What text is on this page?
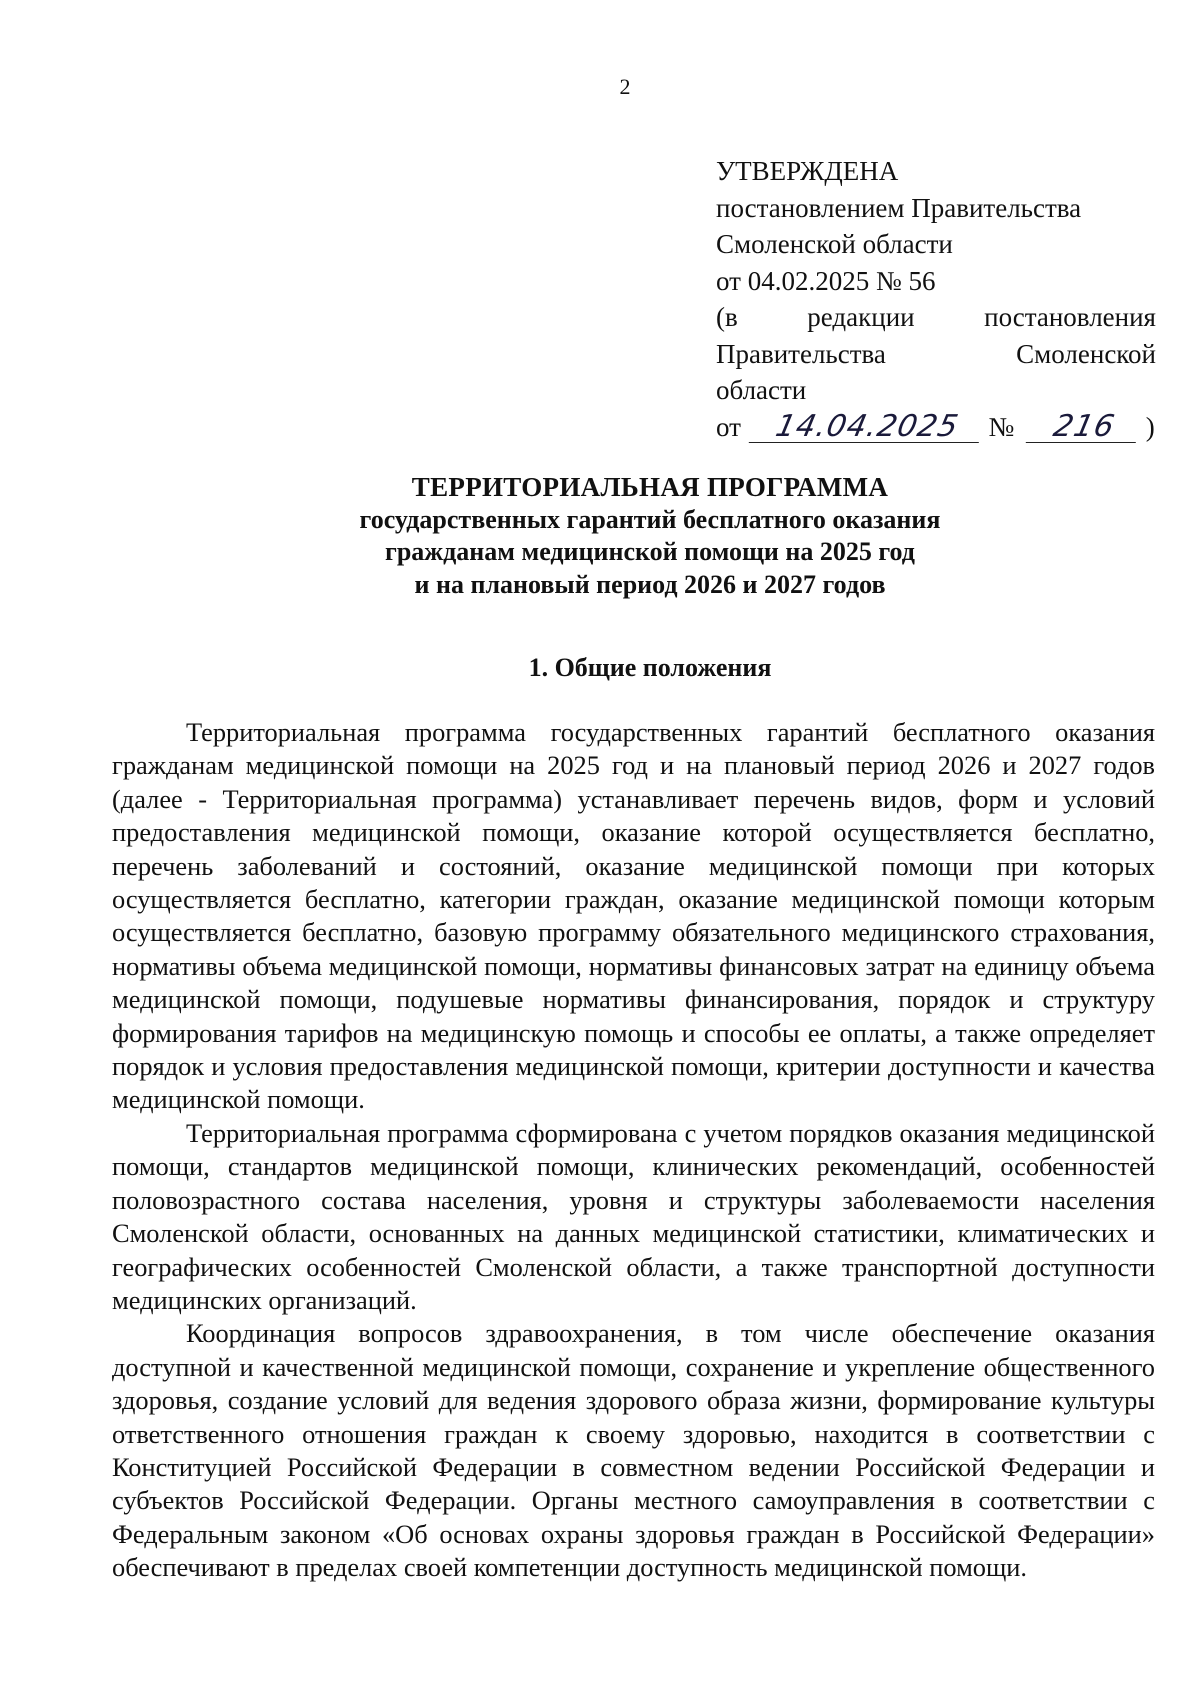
2
УТВЕРЖДЕНА
постановлением Правительства
Смоленской области
от 04.02.2025 № 56
(в	редакции	постановления
Правительства	Смоленской
области
от 14.04.2025 № 216 )
ТЕРРИТОРИАЛЬНАЯ ПРОГРАММА
государственных гарантий бесплатного оказания
гражданам медицинской помощи на 2025 год
и на плановый период 2026 и 2027 годов
1. Общие положения

Территориальная программа государственных гарантий бесплатного оказания гражданам медицинской помощи на 2025 год и на плановый период 2026 и 2027 годов (далее - Территориальная программа) устанавливает перечень видов, форм и условий предоставления медицинской помощи, оказание которой осуществляется бесплатно, перечень заболеваний и состояний, оказание медицинской помощи при которых осуществляется бесплатно, категории граждан, оказание медицинской помощи которым осуществляется бесплатно, базовую программу обязательного медицинского страхования, нормативы объема медицинской помощи, нормативы финансовых затрат на единицу объема медицинской помощи, подушевые нормативы финансирования, порядок и структуру формирования тарифов на медицинскую помощь и способы ее оплаты, а также определяет порядок и условия предоставления медицинской помощи, критерии доступности и качества медицинской помощи.

Территориальная программа сформирована с учетом порядков оказания медицинской помощи, стандартов медицинской помощи, клинических рекомендаций, особенностей половозрастного состава населения, уровня и структуры заболеваемости населения Смоленской области, основанных на данных медицинской статистики, климатических и географических особенностей Смоленской области, а также транспортной доступности медицинских организаций.

Координация вопросов здравоохранения, в том числе обеспечение оказания доступной и качественной медицинской помощи, сохранение и укрепление общественного здоровья, создание условий для ведения здорового образа жизни, формирование культуры ответственного отношения граждан к своему здоровью, находится в соответствии с Конституцией Российской Федерации в совместном ведении Российской Федерации и субъектов Российской Федерации. Органы местного самоуправления в соответствии с Федеральным законом «Об основах охраны здоровья граждан в Российской Федерации» обеспечивают в пределах своей компетенции доступность медицинской помощи.
